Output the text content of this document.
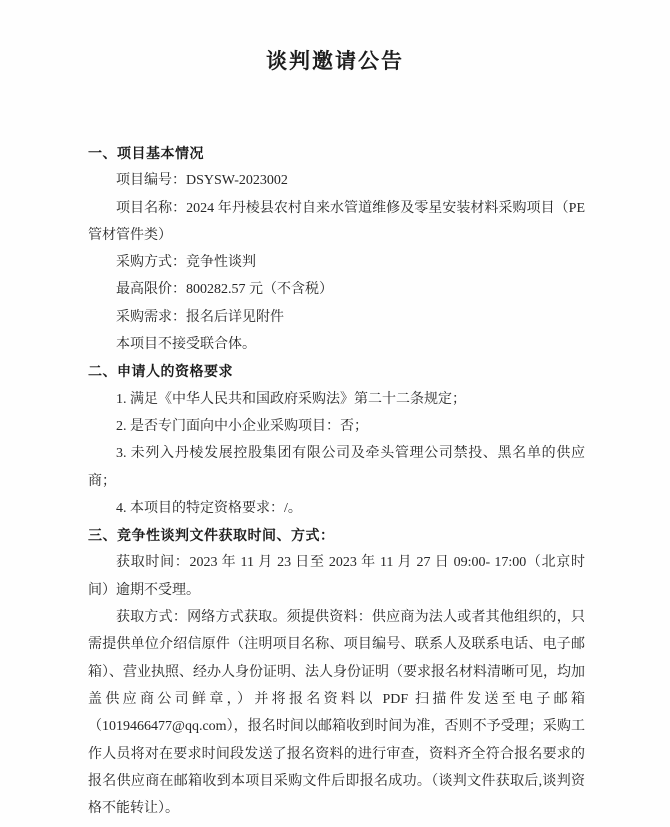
谈判邀请公告
一、项目基本情况

项目编号：DSYSW-2023002

项目名称：2024 年丹棱县农村自来水管道维修及零星安装材料采购项目（PE 管材管件类）

采购方式：竞争性谈判

最高限价：800282.57 元（不含税）

采购需求：报名后详见附件

本项目不接受联合体。

二、申请人的资格要求

1. 满足《中华人民共和国政府采购法》第二十二条规定；

2. 是否专门面向中小企业采购项目：否；

3. 未列入丹棱发展控股集团有限公司及牵头管理公司禁投、黑名单的供应商；

4. 本项目的特定资格要求：/。

三、竞争性谈判文件获取时间、方式：

获取时间：2023 年 11 月 23 日至 2023 年 11 月 27 日 09:00- 17:00（北京时间）逾期不受理。

获取方式：网络方式获取。须提供资料：供应商为法人或者其他组织的，只需提供单位介绍信原件（注明项目名称、项目编号、联系人及联系电话、电子邮箱）、营业执照、经办人身份证明、法人身份证明（要求报名材料清晰可见，均加盖供应商公司鲜章，）并将报名资料以 PDF 扫描件发送至电子邮箱（1019466477@qq.com），报名时间以邮箱收到时间为准，否则不予受理；采购工作人员将对在要求时间段发送了报名资料的进行审查，资料齐全符合报名要求的报名供应商在邮箱收到本项目采购文件后即报名成功。（谈判文件获取后,谈判资格不能转让）。
